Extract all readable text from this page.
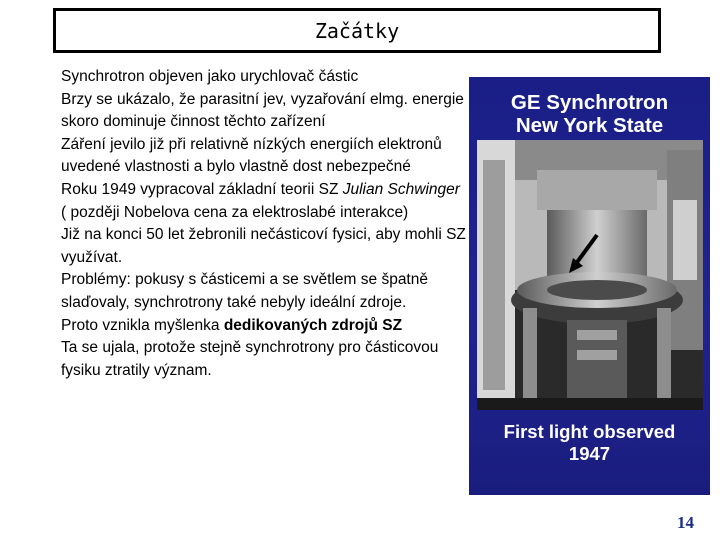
Začátky

Synchrotron objeven jako urychlovač částic

Brzy se ukázalo, že parasitní jev, vyzařování elmg. energie skoro dominuje činnost těchto zařízení

Záření jevilo již při relativně nízkých energiích elektronů uvedené vlastnosti a bylo vlastně dost nebezpečné

Roku 1949 vypracoval základní teorii SZ Julian Schwinger ( později Nobelova cena za elektroslabé interakce)

Již na konci 50 let žebronili nečásticoví fysici, aby mohli SZ využívat.

Problémy: pokusy s částicemi a se světlem se špatně slaďovaly, synchrotrony také nebyly ideální zdroje.

Proto vznikla myšlenka dedikovaných zdrojů SZ

Ta se ujala, protože stejně synchrotrony pro částicovou fysiku ztratily význam.

GE Synchrotron
New York State
First light observed
1947
14
